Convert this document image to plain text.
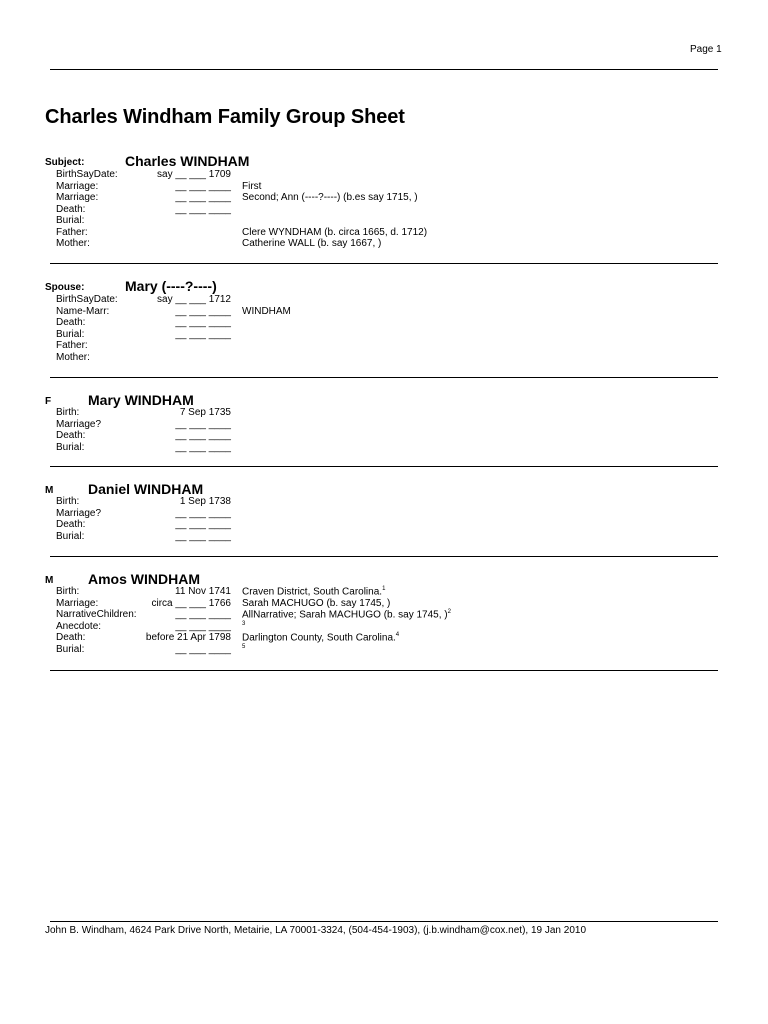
Page 1
Charles Windham Family Group Sheet
Subject:	Charles WINDHAM
BirthSayDate:	say __ ___ 1709
Marriage:	__ ___ ____ First
Marriage:	__ ___ ____ Second; Ann (----?----) (b.es say 1715, )
Death:	__ ___ ____
Burial:
Father:	Clere WYNDHAM (b. circa 1665, d. 1712)
Mother:	Catherine WALL (b. say 1667, )
Spouse:	Mary (----?----)
BirthSayDate:	say __ ___ 1712
Name-Marr:	__ ___ ____ WINDHAM
Death:	__ ___ ____
Burial:	__ ___ ____
Father:
Mother:
F	Mary WINDHAM
Birth:	7 Sep 1735
Marriage?	__ ___ ____
Death:	__ ___ ____
Burial:	__ ___ ____
M Daniel WINDHAM
Birth:	1 Sep 1738
Marriage?	__ ___ ____
Death:	__ ___ ____
Burial:	__ ___ ____
M Amos WINDHAM
Birth:	11 Nov 1741 Craven District, South Carolina.$^1$
Marriage:	circa __ ___ 1766 Sarah MACHUGO (b. say 1745, )
NarrativeChildren:	__ ___ ____ AllNarrative; Sarah MACHUGO (b. say 1745, )$^2$
Anecdote:	__ ___ ____ $^3$
Death:	before 21 Apr 1798 Darlington County, South Carolina.$^4$
Burial:	__ ___ ____ $^5$
John B. Windham, 4624 Park Drive North, Metairie, LA 70001-3324, (504-454-1903), (j.b.windham@cox.net), 19 Jan 2010
